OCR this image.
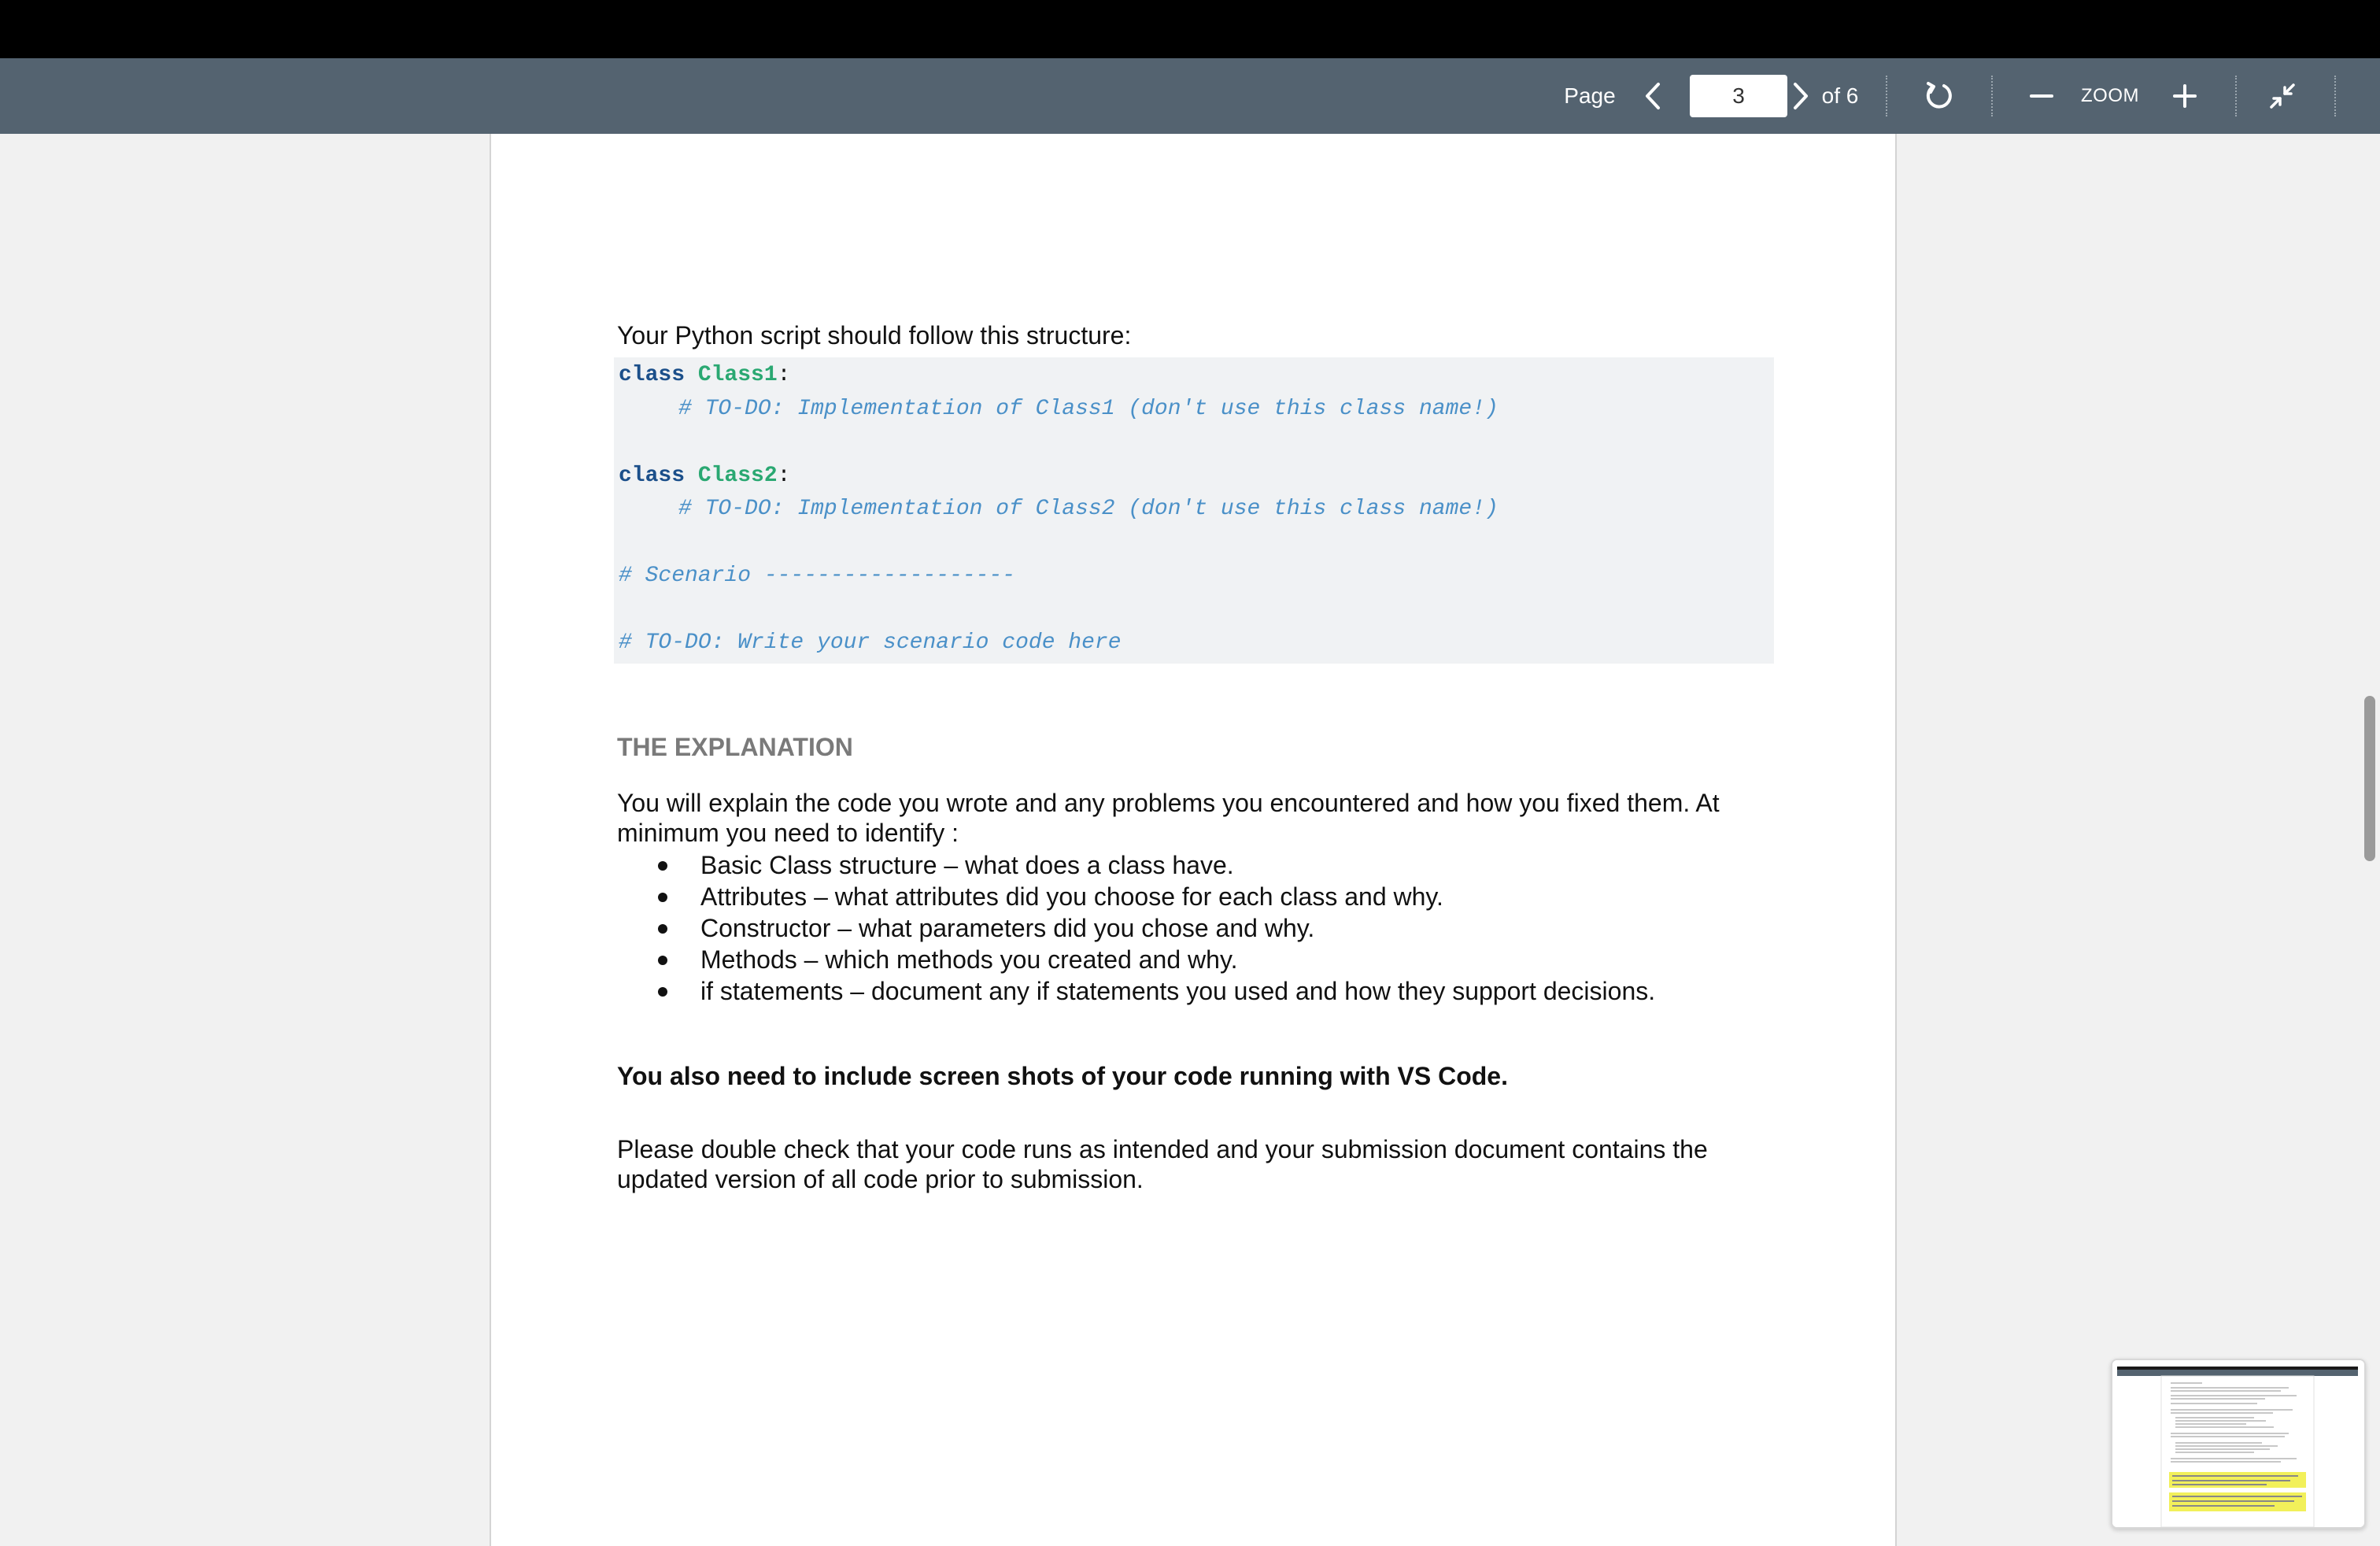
Page
3	of 6	ZOOM

Your Python script should follow this structure:

class Class1:
# TO-DO: Implementation of Class1 (don't use this class name!)

class Class2:
# TO-DO: Implementation of Class2 (don't use this class name!)

# Scenario -------------------

# TO-DO: Write your scenario code here
THE EXPLANATION
You will explain the code you wrote and any problems you encountered and how you fixed them. At minimum you need to identify :
Basic Class structure – what does a class have.
Attributes – what attributes did you choose for each class and why.
Constructor – what parameters did you chose and why.
Methods – which methods you created and why.
if statements – document any if statements you used and how they support decisions.
You also need to include screen shots of your code running with VS Code.
Please double check that your code runs as intended and your submission document contains the updated version of all code prior to submission.
